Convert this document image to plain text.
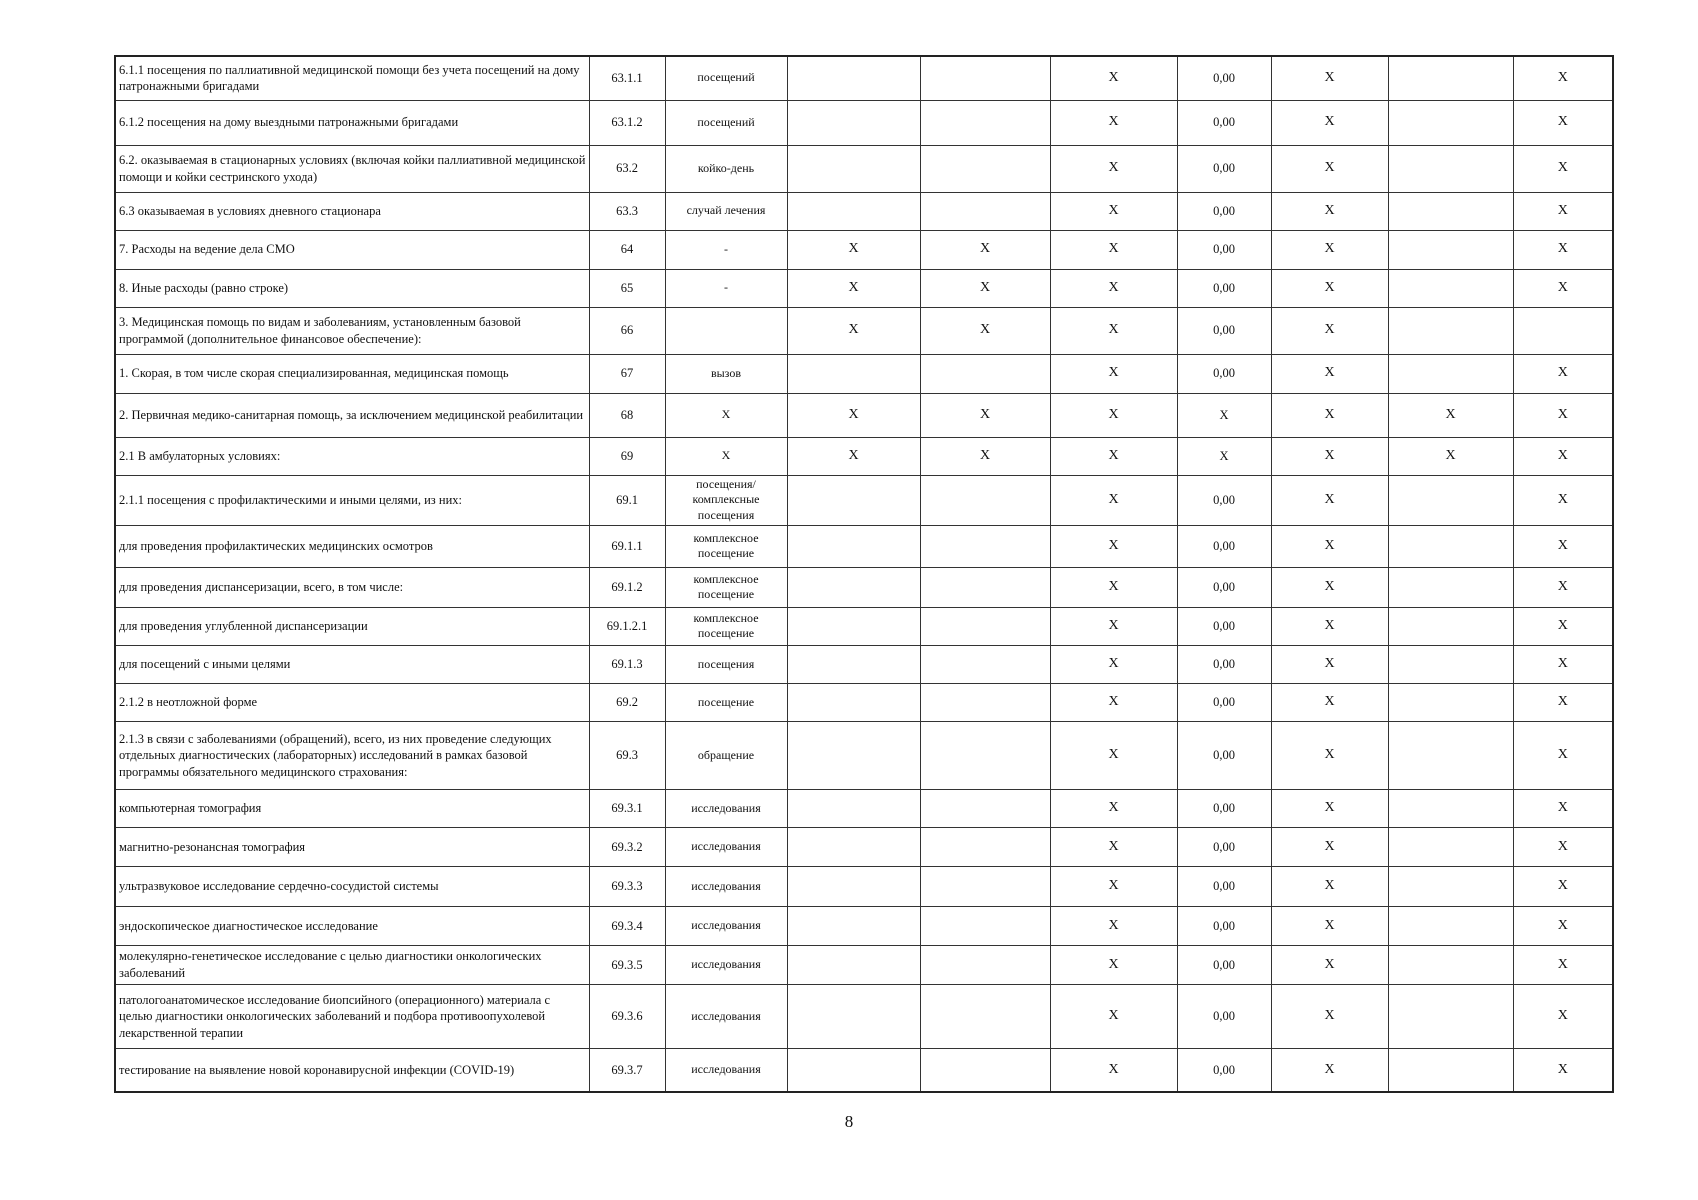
6.1.1 посещения по паллиативной медицинской помощи без учета посещений на дому патронажными бригадами	63.1.1	посещений			X	0,00	X		X
6.1.2 посещения на дому выездными патронажными бригадами	63.1.2	посещений			X	0,00	X		X
6.2. оказываемая в стационарных условиях (включая койки паллиативной медицинской помощи и койки сестринского ухода)	63.2	койко-день			X	0,00	X		X
6.3 оказываемая в условиях дневного стационара	63.3	случай лечения			X	0,00	X		X
7. Расходы на ведение дела СМО	64	-	X	X	X	0,00	X		X
8. Иные расходы (равно строке)	65	-	X	X	X	0,00	X		X
3. Медицинская помощь по видам и заболеваниям, установленным базовой программой (дополнительное финансовое обеспечение):	66		X	X	X	0,00	X		
1. Скорая, в том числе скорая специализированная, медицинская помощь	67	вызов			X	0,00	X		X
2. Первичная медико-санитарная помощь, за исключением медицинской реабилитации	68	X	X	X	X	X	X	X	X
2.1 В амбулаторных условиях:	69	X	X	X	X	X	X	X	X
2.1.1 посещения с профилактическими и иными целями, из них:	69.1	посещения/ комплексные посещения			X	0,00	X		X
для проведения профилактических медицинских осмотров	69.1.1	комплексное посещение			X	0,00	X		X
для проведения диспансеризации, всего, в том числе:	69.1.2	комплексное посещение			X	0,00	X		X
для проведения углубленной диспансеризации	69.1.2.1	комплексное посещение			X	0,00	X		X
для посещений с иными целями	69.1.3	посещения			X	0,00	X		X
2.1.2 в неотложной форме	69.2	посещение			X	0,00	X		X
2.1.3 в связи с заболеваниями (обращений), всего, из них проведение следующих отдельных диагностических (лабораторных) исследований в рамках базовой программы обязательного медицинского страхования:	69.3	обращение			X	0,00	X		X
компьютерная томография	69.3.1	исследования			X	0,00	X		X
магнитно-резонансная томография	69.3.2	исследования			X	0,00	X		X
ультразвуковое исследование сердечно-сосудистой системы	69.3.3	исследования			X	0,00	X		X
эндоскопическое диагностическое исследование	69.3.4	исследования			X	0,00	X		X
молекулярно-генетическое исследование с целью диагностики онкологических заболеваний	69.3.5	исследования			X	0,00	X		X
патологоанатомическое исследование биопсийного (операционного) материала с целью диагностики онкологических заболеваний и подбора противоопухолевой лекарственной терапии	69.3.6	исследования			X	0,00	X		X
тестирование на выявление новой коронавирусной инфекции (COVID-19)	69.3.7	исследования			X	0,00	X		X
8
